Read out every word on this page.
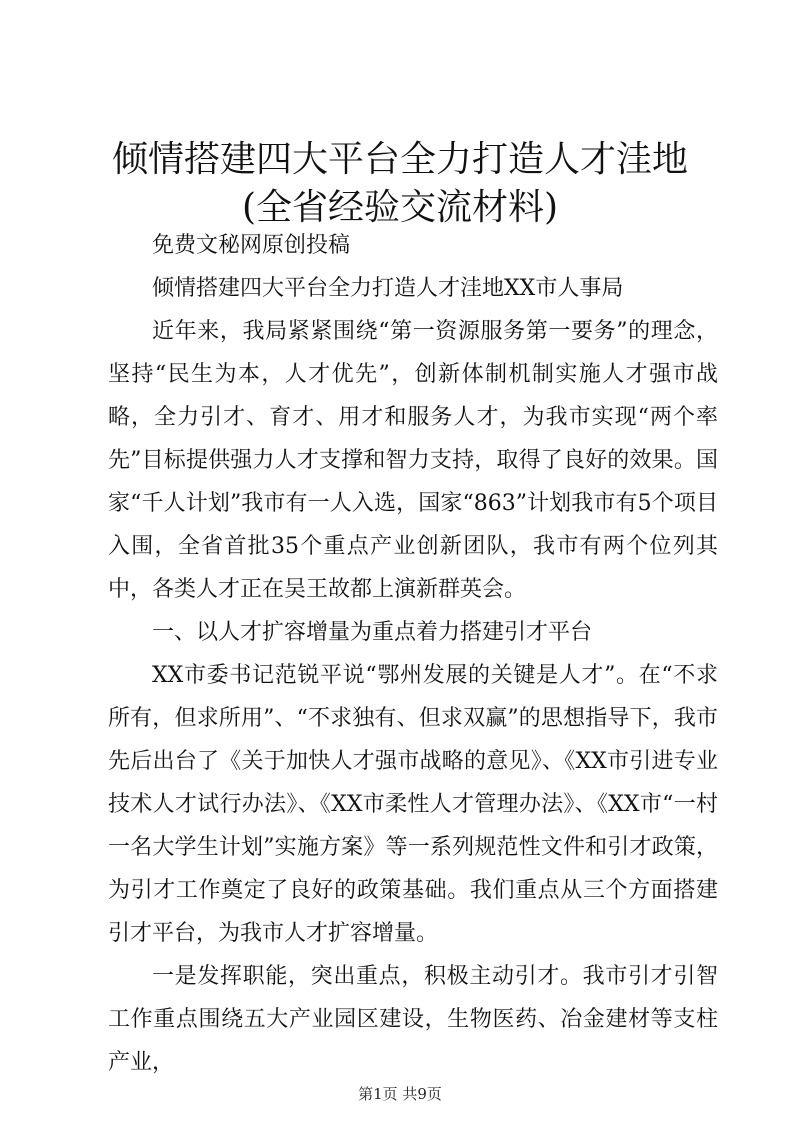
倾情搭建四大平台全力打造人才洼地(全省经验交流材料)

免费文秘网原创投稿

倾情搭建四大平台全力打造人才洼地XX市人事局

近年来，我局紧紧围绕“第一资源服务第一要务”的理念，坚持“民生为本，人才优先”，创新体制机制实施人才强市战略，全力引才、育才、用才和服务人才，为我市实现“两个率先”目标提供强力人才支撑和智力支持，取得了良好的效果。国家“千人计划”我市有一人入选，国家“863”计划我市有5个项目入围，全省首批35个重点产业创新团队，我市有两个位列其中，各类人才正在吴王故都上演新群英会。

一、以人才扩容增量为重点着力搭建引才平台

XX市委书记范锐平说“鄂州发展的关键是人才”。在“不求所有，但求所用”、“不求独有、但求双赢”的思想指导下，我市先后出台了《关于加快人才强市战略的意见》、《XX市引进专业技术人才试行办法》、《XX市柔性人才管理办法》、《XX市“一村一名大学生计划”实施方案》等一系列规范性文件和引才政策，为引才工作奠定了良好的政策基础。我们重点从三个方面搭建引才平台，为我市人才扩容增量。

一是发挥职能，突出重点，积极主动引才。我市引才引智工作重点围绕五大产业园区建设，生物医药、冶金建材等支柱产业，

第1页 共9页
